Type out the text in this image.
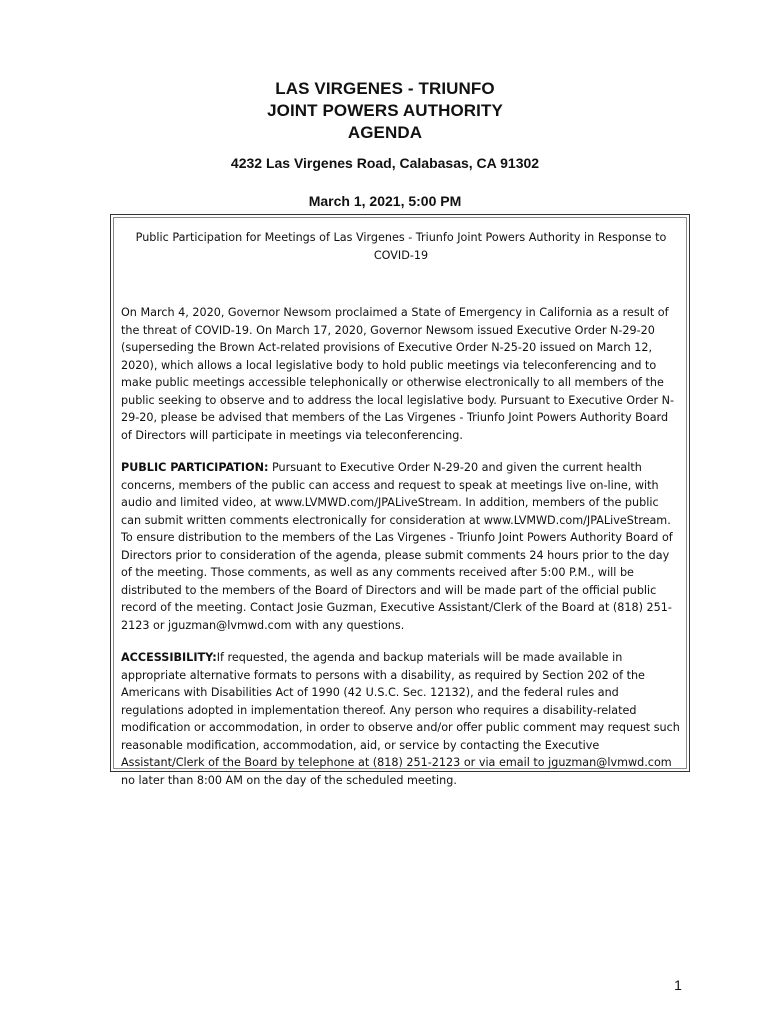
LAS VIRGENES - TRIUNFO
JOINT POWERS AUTHORITY
AGENDA
4232 Las Virgenes Road, Calabasas, CA 91302
March 1, 2021, 5:00 PM
Public Participation for Meetings of Las Virgenes - Triunfo Joint Powers Authority in Response to COVID-19

On March 4, 2020, Governor Newsom proclaimed a State of Emergency in California as a result of the threat of COVID-19. On March 17, 2020, Governor Newsom issued Executive Order N-29-20 (superseding the Brown Act-related provisions of Executive Order N-25-20 issued on March 12, 2020), which allows a local legislative body to hold public meetings via teleconferencing and to make public meetings accessible telephonically or otherwise electronically to all members of the public seeking to observe and to address the local legislative body. Pursuant to Executive Order N-29-20, please be advised that members of the Las Virgenes - Triunfo Joint Powers Authority Board of Directors will participate in meetings via teleconferencing.

PUBLIC PARTICIPATION: Pursuant to Executive Order N-29-20 and given the current health concerns, members of the public can access and request to speak at meetings live on-line, with audio and limited video, at www.LVMWD.com/JPALiveStream. In addition, members of the public can submit written comments electronically for consideration at www.LVMWD.com/JPALiveStream. To ensure distribution to the members of the Las Virgenes - Triunfo Joint Powers Authority Board of Directors prior to consideration of the agenda, please submit comments 24 hours prior to the day of the meeting. Those comments, as well as any comments received after 5:00 P.M., will be distributed to the members of the Board of Directors and will be made part of the official public record of the meeting. Contact Josie Guzman, Executive Assistant/Clerk of the Board at (818) 251-2123 or jguzman@lvmwd.com with any questions.

ACCESSIBILITY:If requested, the agenda and backup materials will be made available in appropriate alternative formats to persons with a disability, as required by Section 202 of the Americans with Disabilities Act of 1990 (42 U.S.C. Sec. 12132), and the federal rules and regulations adopted in implementation thereof. Any person who requires a disability-related modification or accommodation, in order to observe and/or offer public comment may request such reasonable modification, accommodation, aid, or service by contacting the Executive Assistant/Clerk of the Board by telephone at (818) 251-2123 or via email to jguzman@lvmwd.com no later than 8:00 AM on the day of the scheduled meeting.

1
